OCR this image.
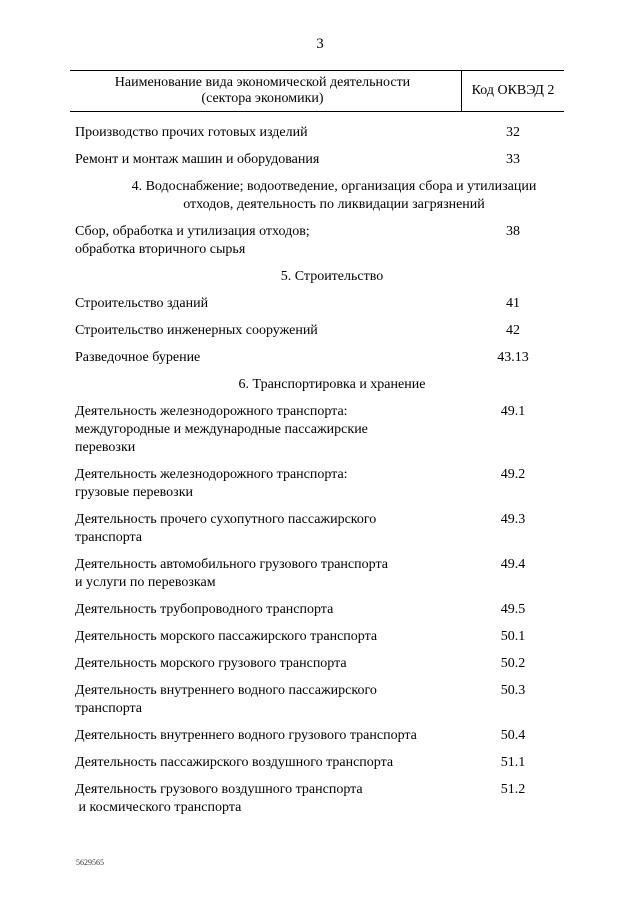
3
Наименование вида экономической деятельности
(сектора экономики)
Код ОКВЭД 2
Производство прочих готовых изделий	32
Ремонт и монтаж машин и оборудования	33
4. Водоснабжение; водоотведение, организация сбора и утилизации
отходов, деятельность по ликвидации загрязнений
Сбор, обработка и утилизация отходов;
обработка вторичного сырья
38
5. Строительство
Строительство зданий	41
Строительство инженерных сооружений	42
Разведочное бурение	43.13
6. Транспортировка и хранение
Деятельность железнодорожного транспорта:
междугородные и международные пассажирские
перевозки
49.1
Деятельность железнодорожного транспорта:
грузовые перевозки
49.2
Деятельность прочего сухопутного пассажирского
транспорта
49.3
Деятельность автомобильного грузового транспорта
и услуги по перевозкам
49.4
Деятельность трубопроводного транспорта	49.5
Деятельность морского пассажирского транспорта	50.1
Деятельность морского грузового транспорта	50.2
Деятельность внутреннего водного пассажирского
транспорта
50.3
Деятельность внутреннего водного грузового транспорта	50.4
Деятельность пассажирского воздушного транспорта	51.1
Деятельность грузового воздушного транспорта
и космического транспорта
51.2
5629565
